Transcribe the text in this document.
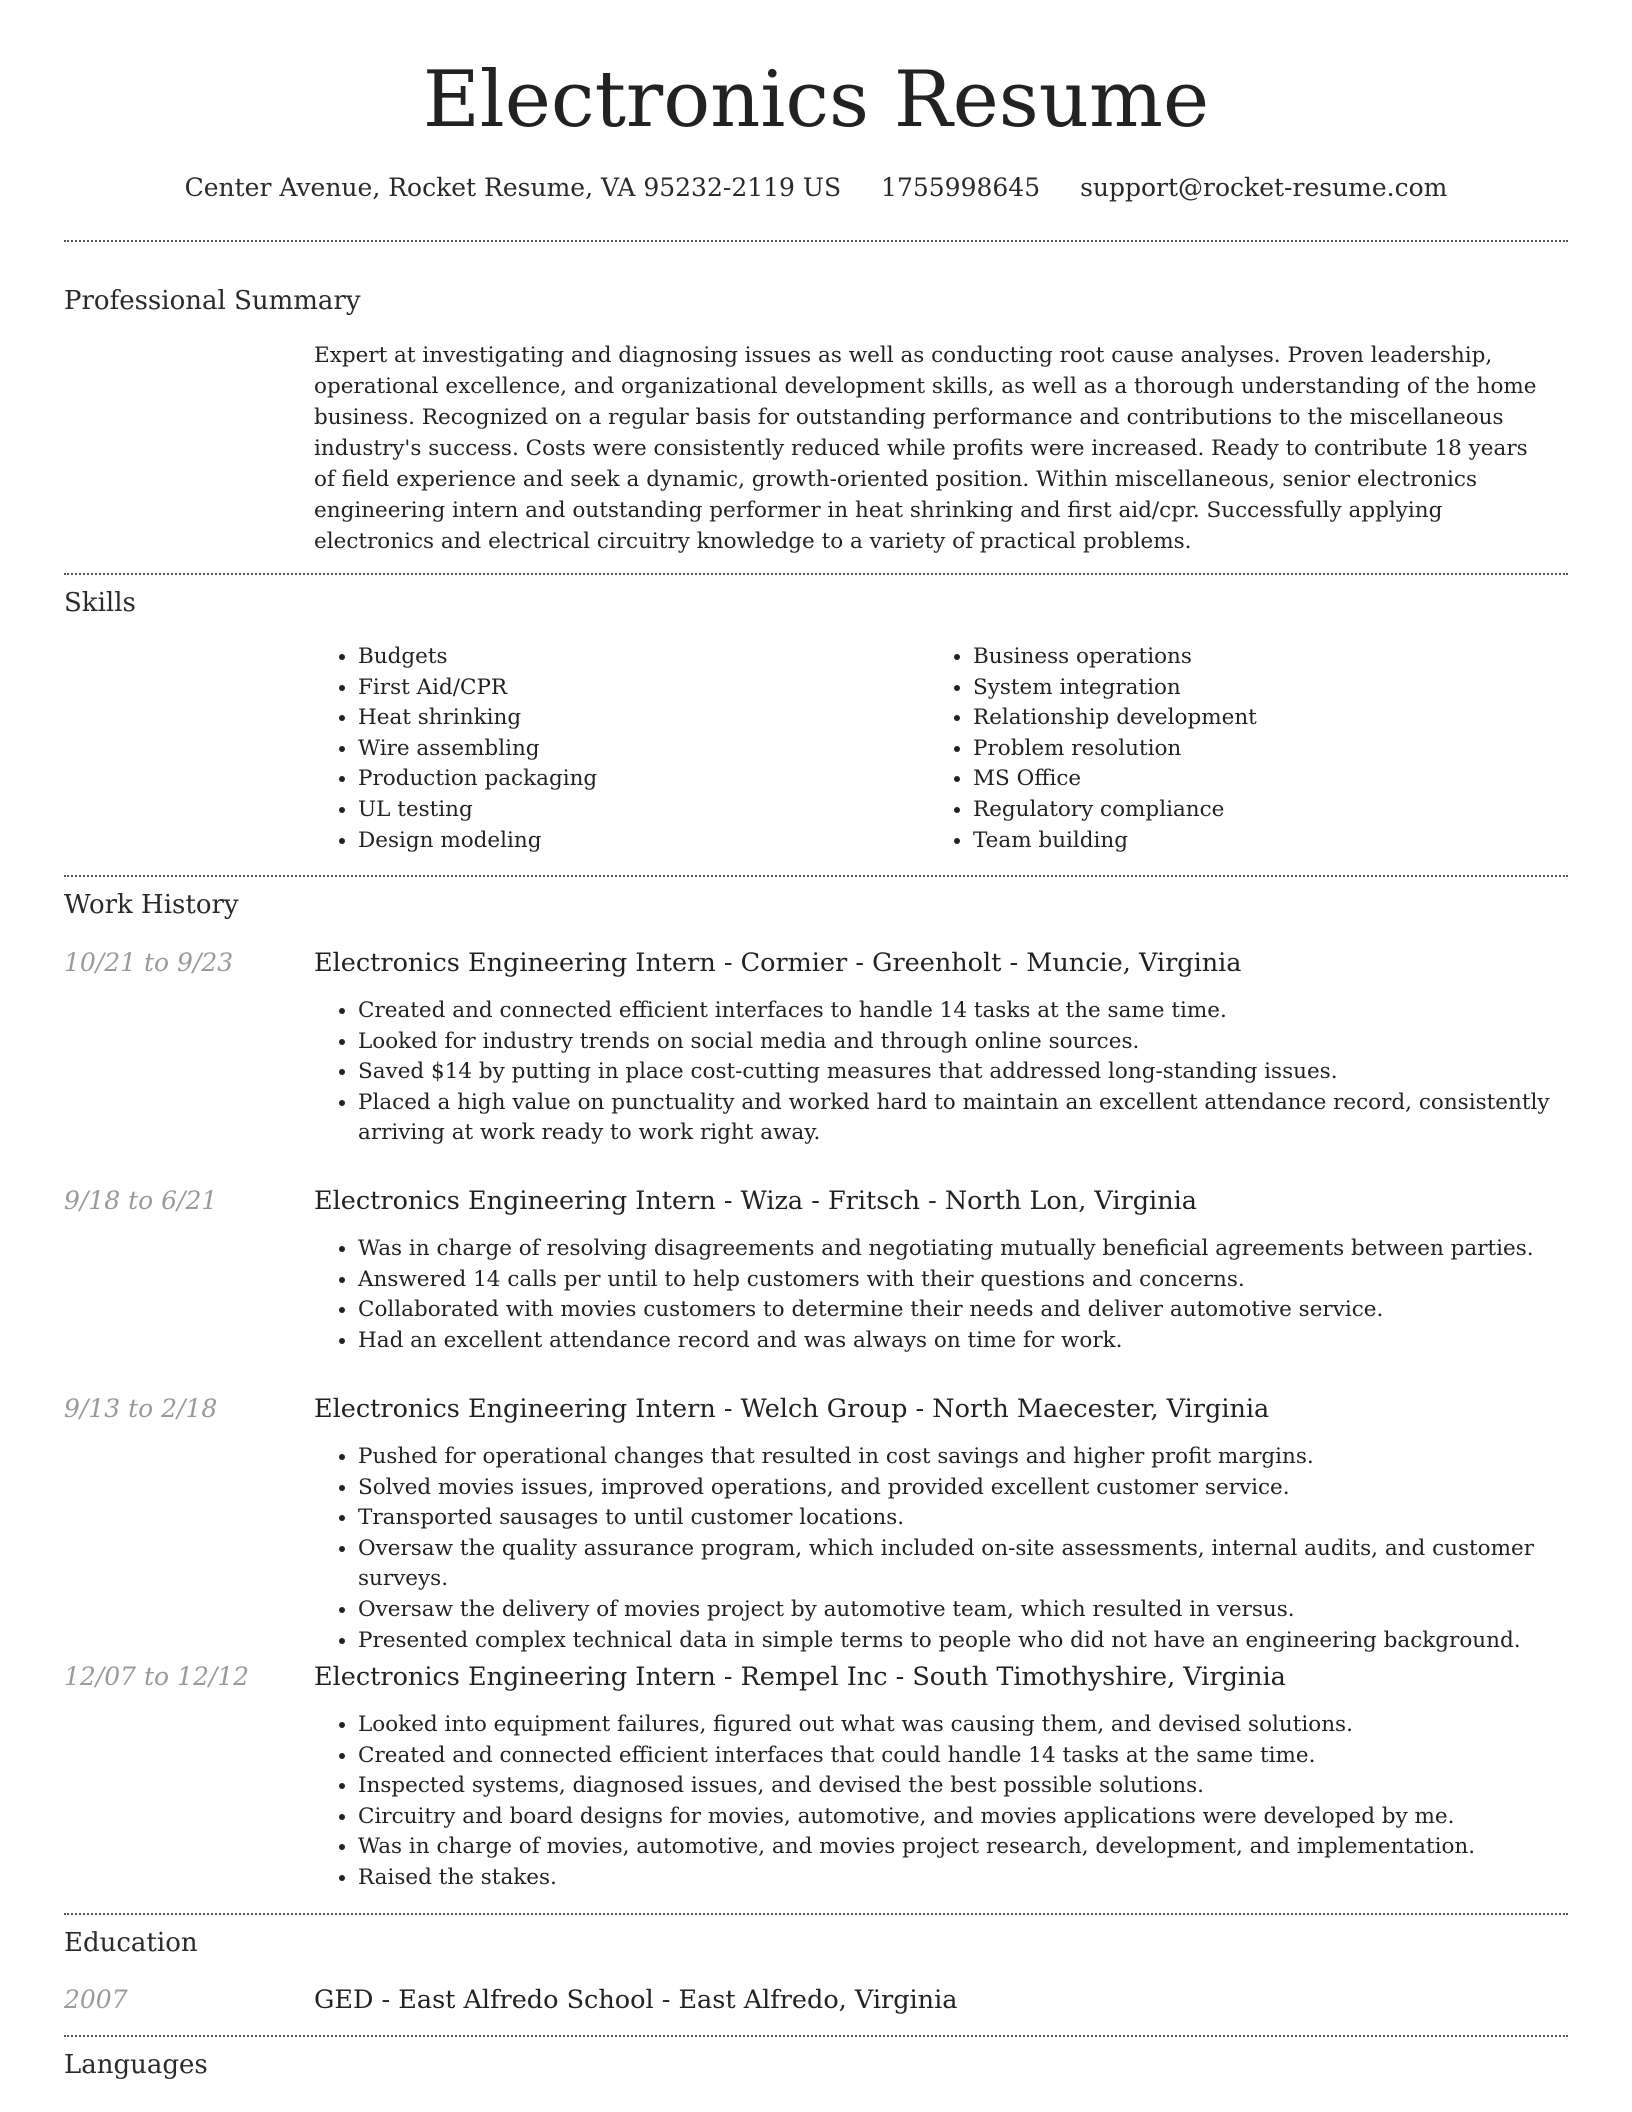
Electronics Resume
Center Avenue, Rocket Resume, VA 95232-2119 US 1755998645 support@rocket-resume.com
Professional Summary

Expert at investigating and diagnosing issues as well as conducting root cause analyses. Proven leadership, operational excellence, and organizational development skills, as well as a thorough understanding of the home business. Recognized on a regular basis for outstanding performance and contributions to the miscellaneous industry's success. Costs were consistently reduced while profits were increased. Ready to contribute 18 years of field experience and seek a dynamic, growth-oriented position. Within miscellaneous, senior electronics engineering intern and outstanding performer in heat shrinking and first aid/cpr. Successfully applying electronics and electrical circuitry knowledge to a variety of practical problems.

Skills
• Budgets
• First Aid/CPR
• Heat shrinking
• Wire assembling
• Production packaging
• UL testing
• Design modeling
• Business operations
• System integration
• Relationship development
• Problem resolution
• MS Office
• Regulatory compliance
• Team building
Work History
10/21 to 9/23	Electronics Engineering Intern - Cormier - Greenholt - Muncie, Virginia
• Created and connected efficient interfaces to handle 14 tasks at the same time.
• Looked for industry trends on social media and through online sources.
• Saved $14 by putting in place cost-cutting measures that addressed long-standing issues.
• Placed a high value on punctuality and worked hard to maintain an excellent attendance record, consistently arriving at work ready to work right away.
9/18 to 6/21	Electronics Engineering Intern - Wiza - Fritsch - North Lon, Virginia
• Was in charge of resolving disagreements and negotiating mutually beneficial agreements between parties.
• Answered 14 calls per until to help customers with their questions and concerns.
• Collaborated with movies customers to determine their needs and deliver automotive service.
• Had an excellent attendance record and was always on time for work.
9/13 to 2/18	Electronics Engineering Intern - Welch Group - North Maecester, Virginia
• Pushed for operational changes that resulted in cost savings and higher profit margins.
• Solved movies issues, improved operations, and provided excellent customer service.
• Transported sausages to until customer locations.
• Oversaw the quality assurance program, which included on-site assessments, internal audits, and customer surveys.
• Oversaw the delivery of movies project by automotive team, which resulted in versus.
• Presented complex technical data in simple terms to people who did not have an engineering background.
12/07 to 12/12	Electronics Engineering Intern - Rempel Inc - South Timothyshire, Virginia
• Looked into equipment failures, figured out what was causing them, and devised solutions.
• Created and connected efficient interfaces that could handle 14 tasks at the same time.
• Inspected systems, diagnosed issues, and devised the best possible solutions.
• Circuitry and board designs for movies, automotive, and movies applications were developed by me.
• Was in charge of movies, automotive, and movies project research, development, and implementation.
• Raised the stakes.
Education
2007	GED - East Alfredo School - East Alfredo, Virginia
Languages
